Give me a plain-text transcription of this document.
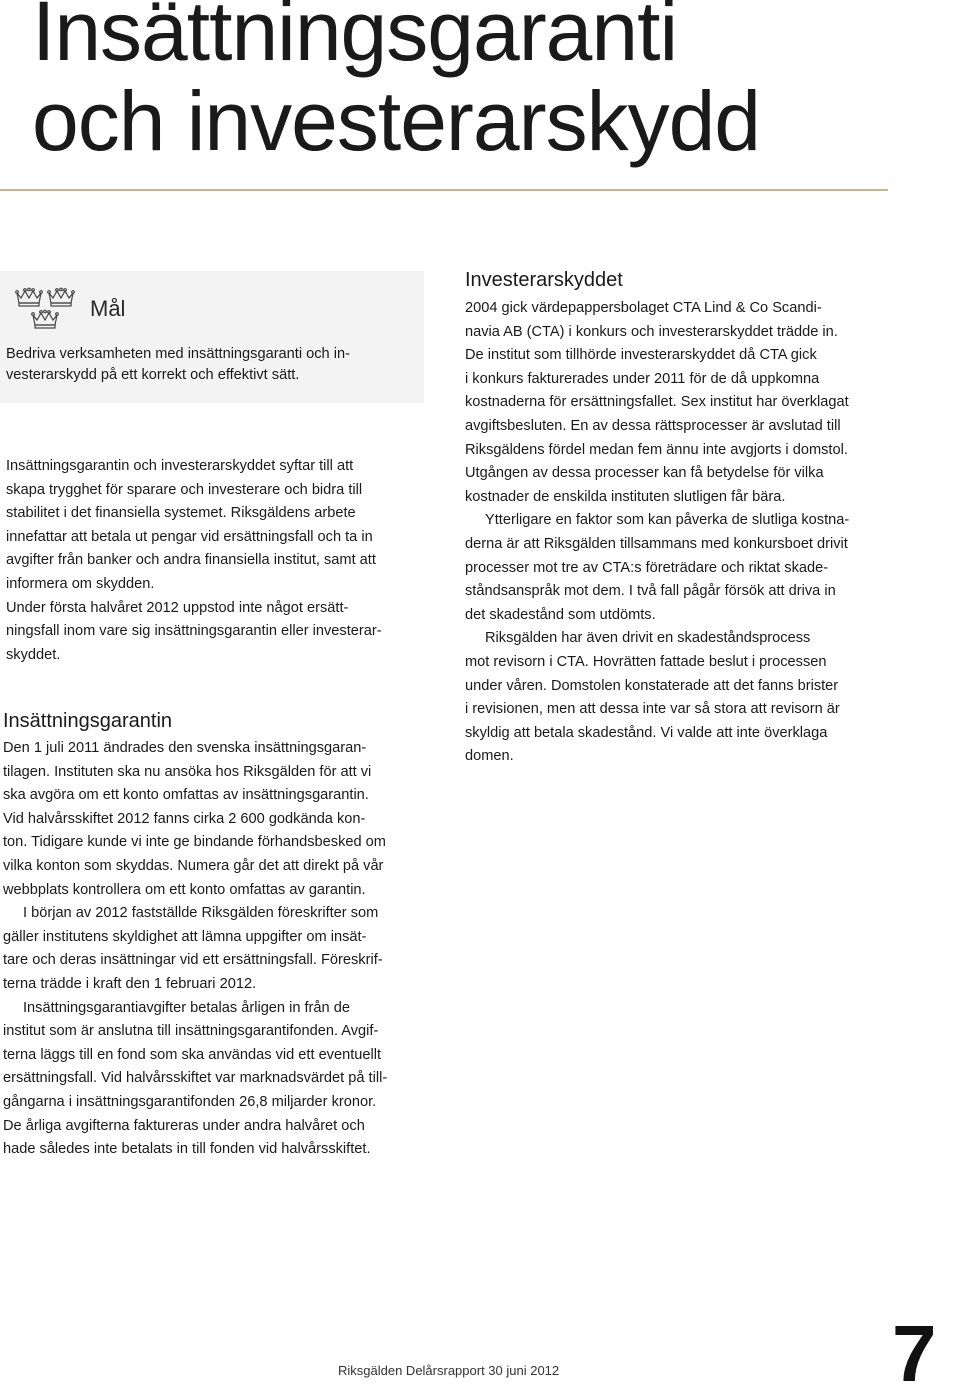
Insättningsgaranti
och investerarskydd
Mål
Bedriva verksamheten med insättningsgaranti och in-
vesterarskydd på ett korrekt och effektivt sätt.
Insättningsgarantin och investerarskyddet syftar till att
skapa trygghet för sparare och investerare och bidra till
stabilitet i det finansiella systemet. Riksgäldens arbete
innefattar att betala ut pengar vid ersättningsfall och ta in
avgifter från banker och andra finansiella institut, samt att
informera om skydden.
Under första halvåret 2012 uppstod inte något ersätt-
ningsfall inom vare sig insättningsgarantin eller investerar-
skyddet.
Insättningsgarantin
Den 1 juli 2011 ändrades den svenska insättningsgaran-
tilagen. Instituten ska nu ansöka hos Riksgälden för att vi
ska avgöra om ett konto omfattas av insättningsgarantin.
Vid halvårsskiftet 2012 fanns cirka 2 600 godkända kon-
ton. Tidigare kunde vi inte ge bindande förhandsbesked om
vilka konton som skyddas. Numera går det att direkt på vår
webbplats kontrollera om ett konto omfattas av garantin.
I början av 2012 fastställde Riksgälden föreskrifter som
gäller institutens skyldighet att lämna uppgifter om insät-
tare och deras insättningar vid ett ersättningsfall. Föreskrif-
terna trädde i kraft den 1 februari 2012.
Insättningsgarantiavgifter betalas årligen in från de
institut som är anslutna till insättningsgarantifonden. Avgif-
terna läggs till en fond som ska användas vid ett eventuellt
ersättningsfall. Vid halvårsskiftet var marknadsvärdet på till-
gångarna i insättningsgarantifonden 26,8 miljarder kronor.
De årliga avgifterna faktureras under andra halvåret och
hade således inte betalats in till fonden vid halvårsskiftet.
Investerarskyddet
2004 gick värdepappersbolaget CTA Lind & Co Scandi-
navia AB (CTA) i konkurs och investerarskyddet trädde in.
De institut som tillhörde investerarskyddet då CTA gick
i konkurs fakturerades under 2011 för de då uppkomna
kostnaderna för ersättningsfallet. Sex institut har överklagat
avgiftsbesluten. En av dessa rättsprocesser är avslutad till
Riksgäldens fördel medan fem ännu inte avgjorts i domstol.
Utgången av dessa processer kan få betydelse för vilka
kostnader de enskilda instituten slutligen får bära.
Ytterligare en faktor som kan påverka de slutliga kostna-
derna är att Riksgälden tillsammans med konkursboet drivit
processer mot tre av CTA:s företrädare och riktat skade-
ståndsanspråk mot dem. I två fall pågår försök att driva in
det skadestånd som utdömts.
Riksgälden har även drivit en skadeståndsprocess
mot revisorn i CTA. Hovrätten fattade beslut i processen
under våren. Domstolen konstaterade att det fanns brister
i revisionen, men att dessa inte var så stora att revisorn är
skyldig att betala skadestånd. Vi valde att inte överklaga
domen.
Riksgälden Delårsrapport 30 juni 2012	7
